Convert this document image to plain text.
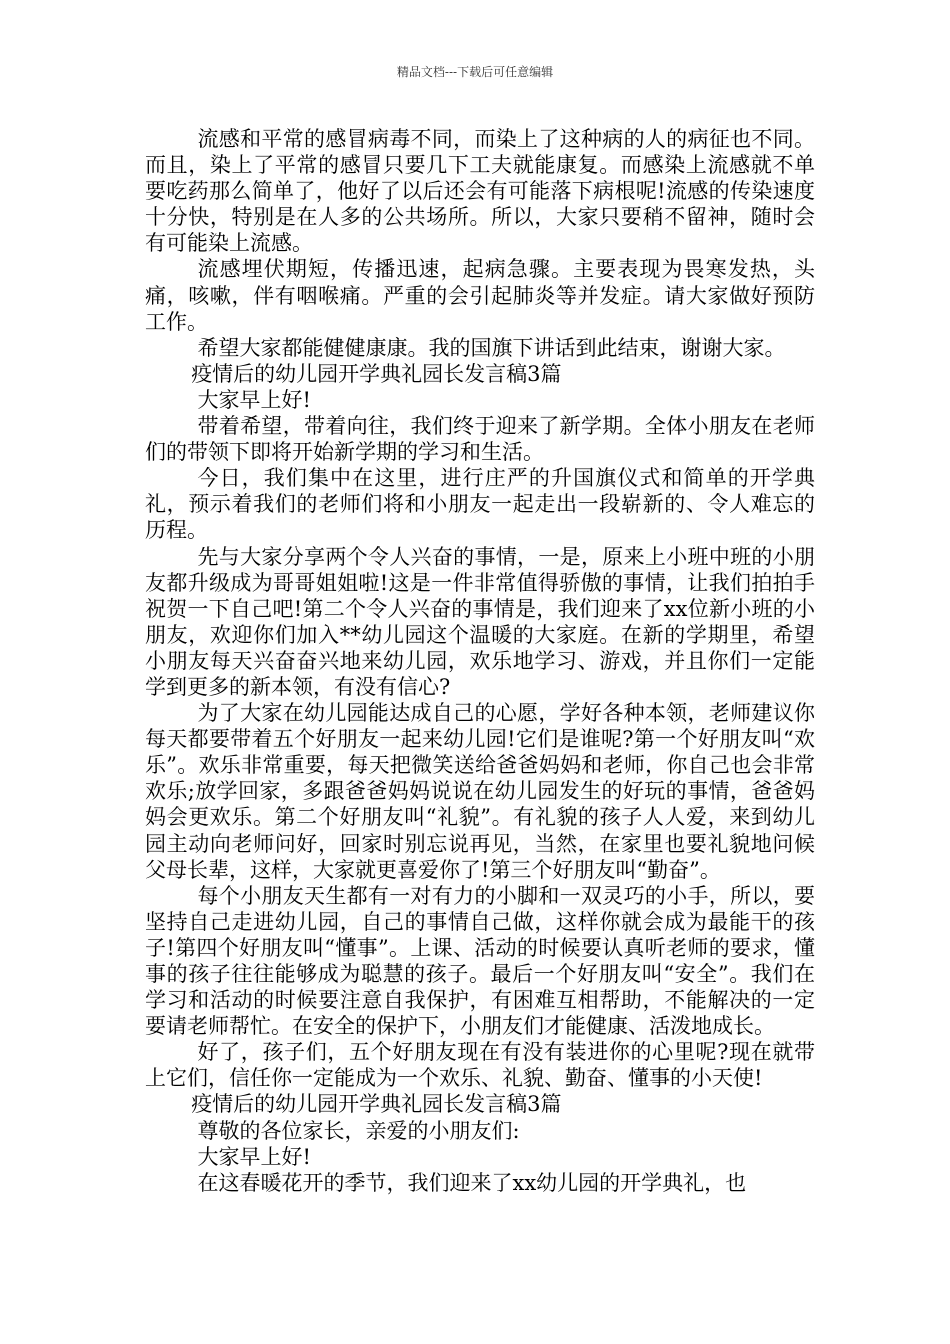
精品文档---下载后可任意编辑

流感和平常的感冒病毒不同，而染上了这种病的人的病征也不同。而且，染上了平常的感冒只要几下工夫就能康复。而感染上流感就不单要吃药那么简单了，他好了以后还会有可能落下病根呢!流感的传染速度十分快，特别是在人多的公共场所。所以，大家只要稍不留神，随时会有可能染上流感。

流感埋伏期短，传播迅速，起病急骤。主要表现为畏寒发热，头痛，咳嗽，伴有咽喉痛。严重的会引起肺炎等并发症。请大家做好预防工作。

希望大家都能健健康康。我的国旗下讲话到此结束，谢谢大家。

疫情后的幼儿园开学典礼园长发言稿3篇

大家早上好!

带着希望，带着向往，我们终于迎来了新学期。全体小朋友在老师们的带领下即将开始新学期的学习和生活。

今日，我们集中在这里，进行庄严的升国旗仪式和简单的开学典礼，预示着我们的老师们将和小朋友一起走出一段崭新的、令人难忘的历程。

先与大家分享两个令人兴奋的事情，一是，原来上小班中班的小朋友都升级成为哥哥姐姐啦!这是一件非常值得骄傲的事情，让我们拍拍手祝贺一下自己吧!第二个令人兴奋的事情是，我们迎来了xx位新小班的小朋友，欢迎你们加入**幼儿园这个温暖的大家庭。在新的学期里，希望小朋友每天兴奋奋兴地来幼儿园，欢乐地学习、游戏，并且你们一定能学到更多的新本领，有没有信心?

为了大家在幼儿园能达成自己的心愿，学好各种本领，老师建议你每天都要带着五个好朋友一起来幼儿园!它们是谁呢?第一个好朋友叫“欢乐”。欢乐非常重要，每天把微笑送给爸爸妈妈和老师，你自己也会非常欢乐;放学回家，多跟爸爸妈妈说说在幼儿园发生的好玩的事情，爸爸妈妈会更欢乐。第二个好朋友叫“礼貌”。有礼貌的孩子人人爱，来到幼儿园主动向老师问好，回家时别忘说再见，当然，在家里也要礼貌地问候父母长辈，这样，大家就更喜爱你了!第三个好朋友叫“勤奋”。

每个小朋友天生都有一对有力的小脚和一双灵巧的小手，所以，要坚持自己走进幼儿园，自己的事情自己做，这样你就会成为最能干的孩子!第四个好朋友叫“懂事”。上课、活动的时候要认真听老师的要求，懂事的孩子往往能够成为聪慧的孩子。最后一个好朋友叫“安全”。我们在学习和活动的时候要注意自我保护，有困难互相帮助，不能解决的一定要请老师帮忙。在安全的保护下，小朋友们才能健康、活泼地成长。

好了，孩子们，五个好朋友现在有没有装进你的心里呢?现在就带上它们，信任你一定能成为一个欢乐、礼貌、勤奋、懂事的小天使!

疫情后的幼儿园开学典礼园长发言稿3篇

尊敬的各位家长，亲爱的小朋友们:

大家早上好!

在这春暖花开的季节，我们迎来了xx幼儿园的开学典礼，也
